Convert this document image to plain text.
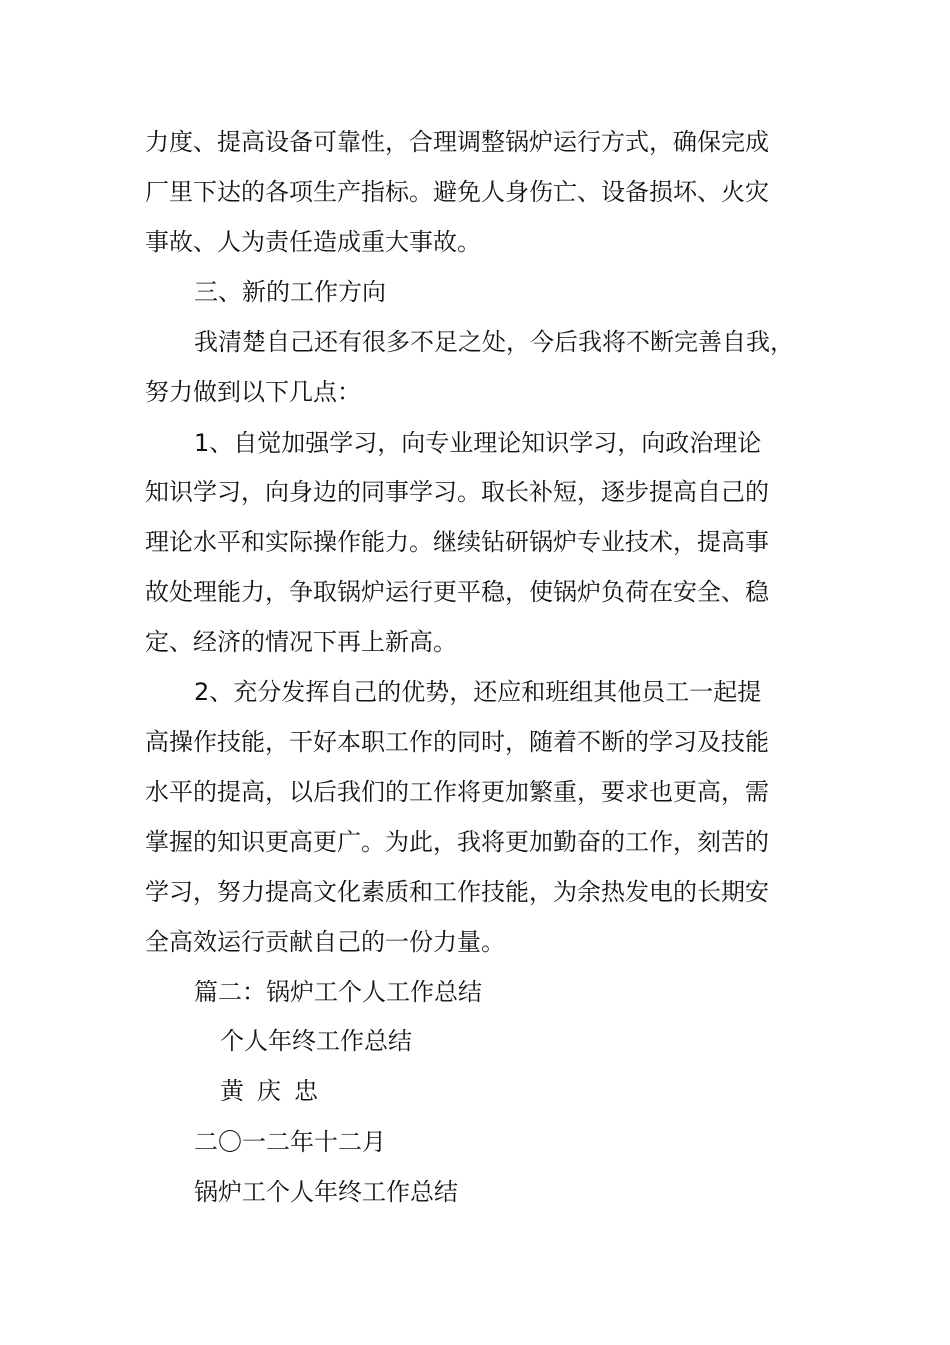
力度、提高设备可靠性，合理调整锅炉运行方式，确保完成
厂里下达的各项生产指标。避免人身伤亡、设备损坏、火灾
事故、人为责任造成重大事故。
三、新的工作方向
我清楚自己还有很多不足之处，今后我将不断完善自我，
努力做到以下几点：
1、自觉加强学习，向专业理论知识学习，向政治理论
知识学习，向身边的同事学习。取长补短，逐步提高自己的
理论水平和实际操作能力。继续钻研锅炉专业技术，提高事
故处理能力，争取锅炉运行更平稳，使锅炉负荷在安全、稳
定、经济的情况下再上新高。
2、充分发挥自己的优势，还应和班组其他员工一起提
高操作技能，干好本职工作的同时，随着不断的学习及技能
水平的提高，以后我们的工作将更加繁重，要求也更高，需
掌握的知识更高更广。为此，我将更加勤奋的工作，刻苦的
学习，努力提高文化素质和工作技能，为余热发电的长期安
全高效运行贡献自己的一份力量。
篇二：锅炉工个人工作总结
个人年终工作总结
黄庆忠
二〇一二年十二月
锅炉工个人年终工作总结
